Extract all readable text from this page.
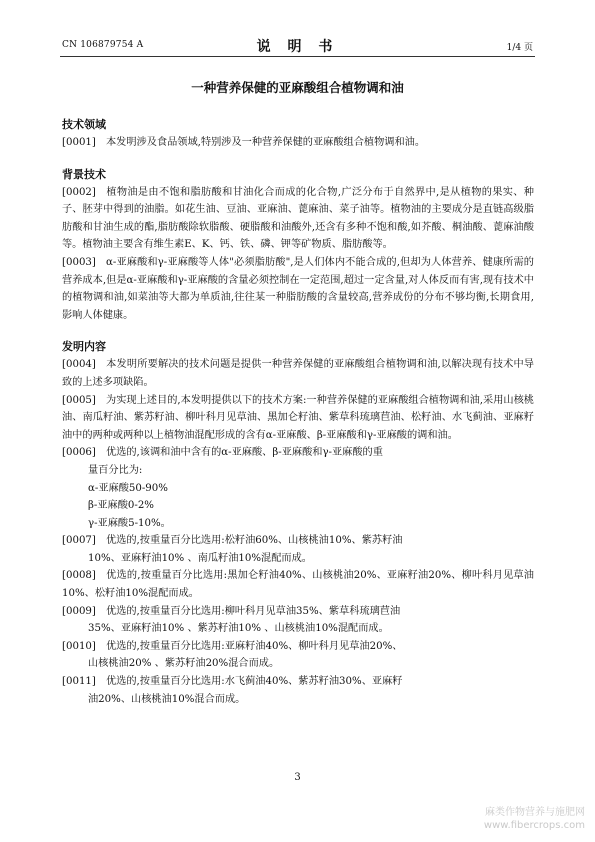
CN 106879754 A	说 明 书	1/4 页
一种营养保健的亚麻酸组合植物调和油
技术领域
[0001] 本发明涉及食品领域,特别涉及一种营养保健的亚麻酸组合植物调和油。
背景技术
[0002] 植物油是由不饱和脂肪酸和甘油化合而成的化合物,广泛分布于自然界中,是从植物的果实、种子、胚芽中得到的油脂。如花生油、豆油、亚麻油、蓖麻油、菜子油等。植物油的主要成分是直链高级脂肪酸和甘油生成的酯,脂肪酸除软脂酸、硬脂酸和油酸外,还含有多种不饱和酸,如芥酸、桐油酸、蓖麻油酸等。植物油主要含有维生素E、K、钙、铁、磷、钾等矿物质、脂肪酸等。
[0003] α-亚麻酸和γ-亚麻酸等人体"必须脂肪酸",是人们体内不能合成的,但却为人体营养、健康所需的营养成本,但是α-亚麻酸和γ-亚麻酸的含量必须控制在一定范围,超过一定含量,对人体反而有害,现有技术中的植物调和油,如菜油等大都为单质油,往往某一种脂肪酸的含量较高,营养成份的分布不够均衡,长期食用,影响人体健康。
发明内容
[0004] 本发明所要解决的技术问题是提供一种营养保健的亚麻酸组合植物调和油,以解决现有技术中导致的上述多项缺陷。
[0005] 为实现上述目的,本发明提供以下的技术方案:一种营养保健的亚麻酸组合植物调和油,采用山核桃油、南瓜籽油、紫苏籽油、柳叶科月见草油、黑加仑籽油、紫草科琉璃苣油、松籽油、水飞蓟油、亚麻籽油中的两种或两种以上植物油混配形成的含有α-亚麻酸、β-亚麻酸和γ-亚麻酸的调和油。
[0006] 优选的,该调和油中含有的α-亚麻酸、β-亚麻酸和γ-亚麻酸的重
量百分比为:
α-亚麻酸50-90%
β-亚麻酸0-2%
γ-亚麻酸5-10%。
[0007] 优选的,按重量百分比选用:松籽油60%、山核桃油10%、紫苏籽油
10%、亚麻籽油10% 、南瓜籽油10%混配而成。
[0008] 优选的,按重量百分比选用:黑加仑籽油40%、山核桃油20%、亚麻籽油20%、柳叶科月见草油10%、松籽油10%混配而成。
[0009] 优选的,按重量百分比选用:柳叶科月见草油35%、紫草科琉璃苣油
35%、亚麻籽油10% 、紫苏籽油10% 、山核桃油10%混配而成。
[0010] 优选的,按重量百分比选用:亚麻籽油40%、柳叶科月见草油20%、
山核桃油20% 、紫苏籽油20%混合而成。
[0011] 优选的,按重量百分比选用:水飞蓟油40%、紫苏籽油30%、亚麻籽
油20%、山核桃油10%混合而成。
3
麻类作物营养与施肥网
www.fibercrops.com
